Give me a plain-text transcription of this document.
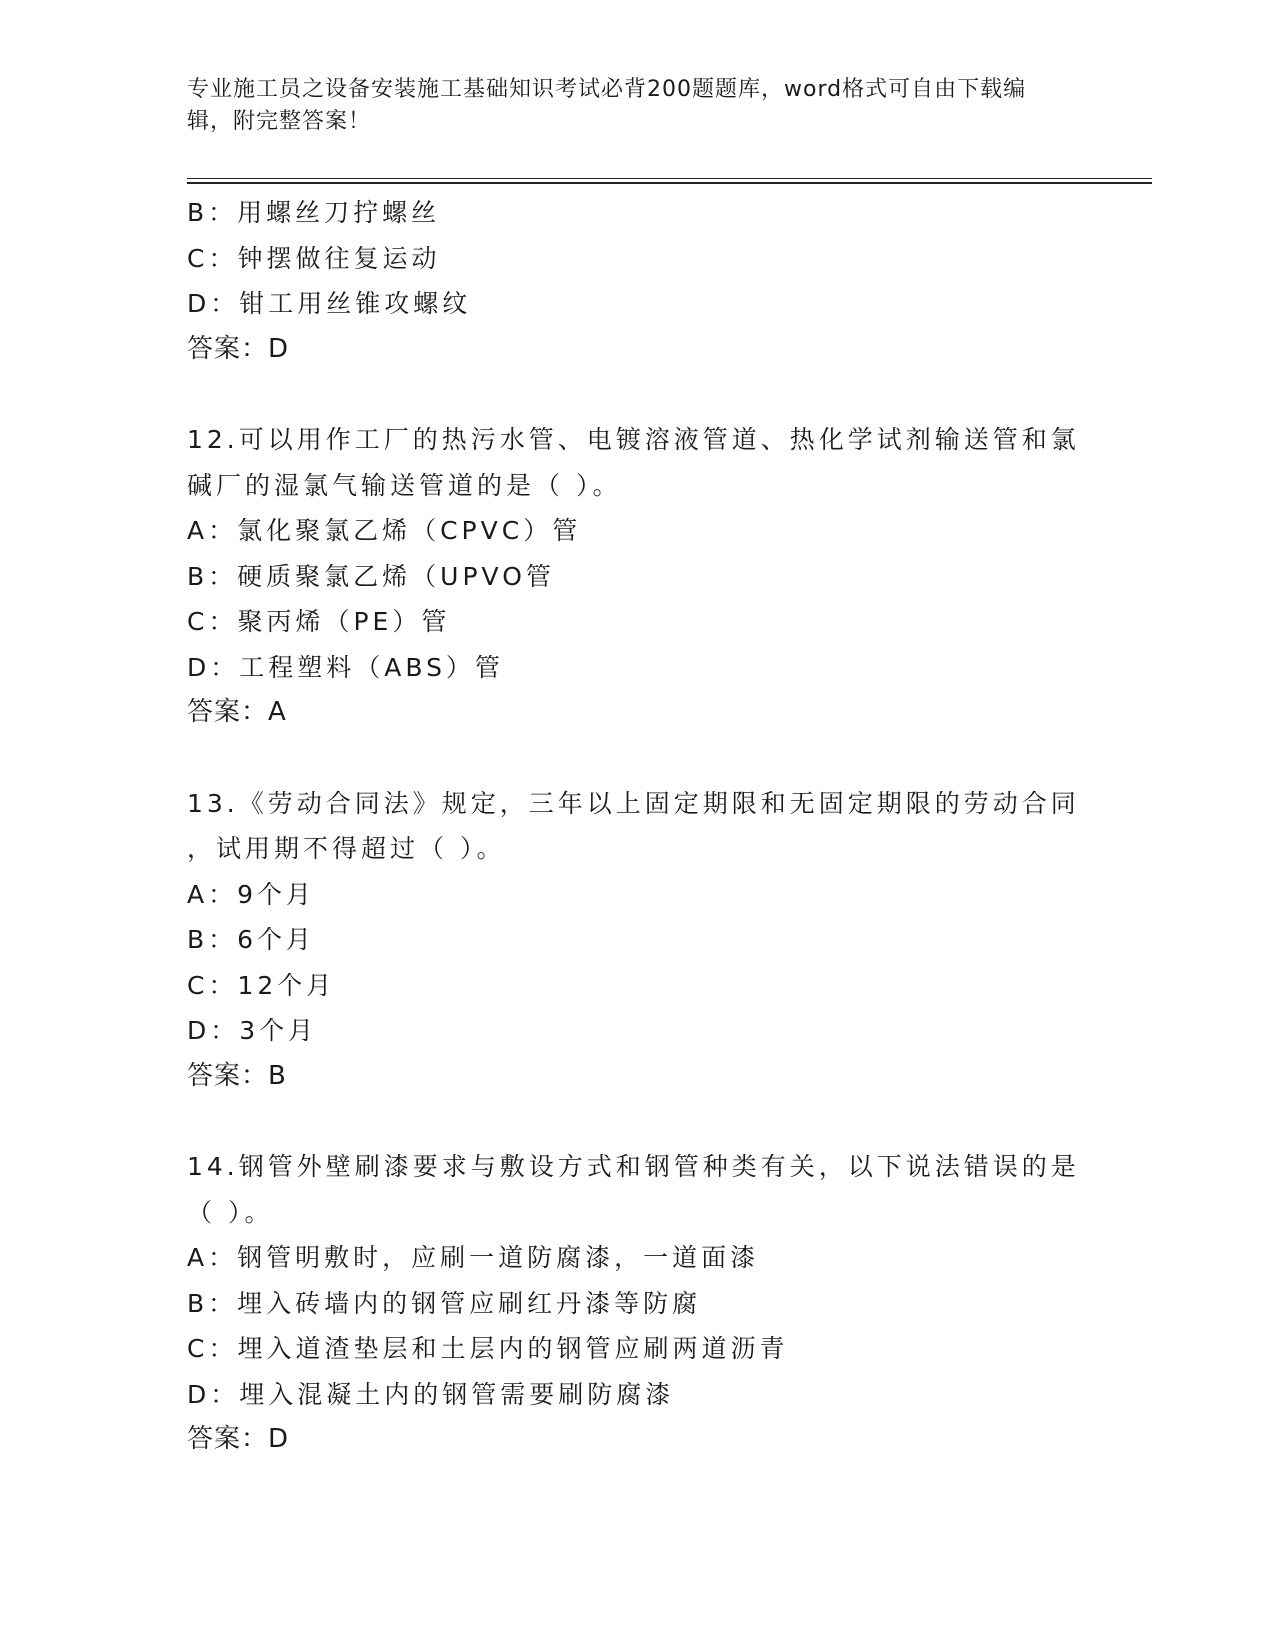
专业施工员之设备安装施工基础知识考试必背200题题库，word格式可自由下载编辑，附完整答案！
B：用螺丝刀拧螺丝
C：钟摆做往复运动
D：钳工用丝锥攻螺纹
答案：D
12.可以用作工厂的热污水管、电镀溶液管道、热化学试剂输送管和氯
碱厂的湿氯气输送管道的是（ ）。
A：氯化聚氯乙烯（CPVC）管
B：硬质聚氯乙烯（UPVO管
C：聚丙烯（PE）管
D：工程塑料（ABS）管
答案：A
13.《劳动合同法》规定，三年以上固定期限和无固定期限的劳动合同
，试用期不得超过（ ）。
A：9个月
B：6个月
C：12个月
D：3个月
答案：B
14.钢管外壁刷漆要求与敷设方式和钢管种类有关，以下说法错误的是
（ ）。
A：钢管明敷时，应刷一道防腐漆，一道面漆
B：埋入砖墙内的钢管应刷红丹漆等防腐
C：埋入道渣垫层和土层内的钢管应刷两道沥青
D：埋入混凝土内的钢管需要刷防腐漆
答案：D
